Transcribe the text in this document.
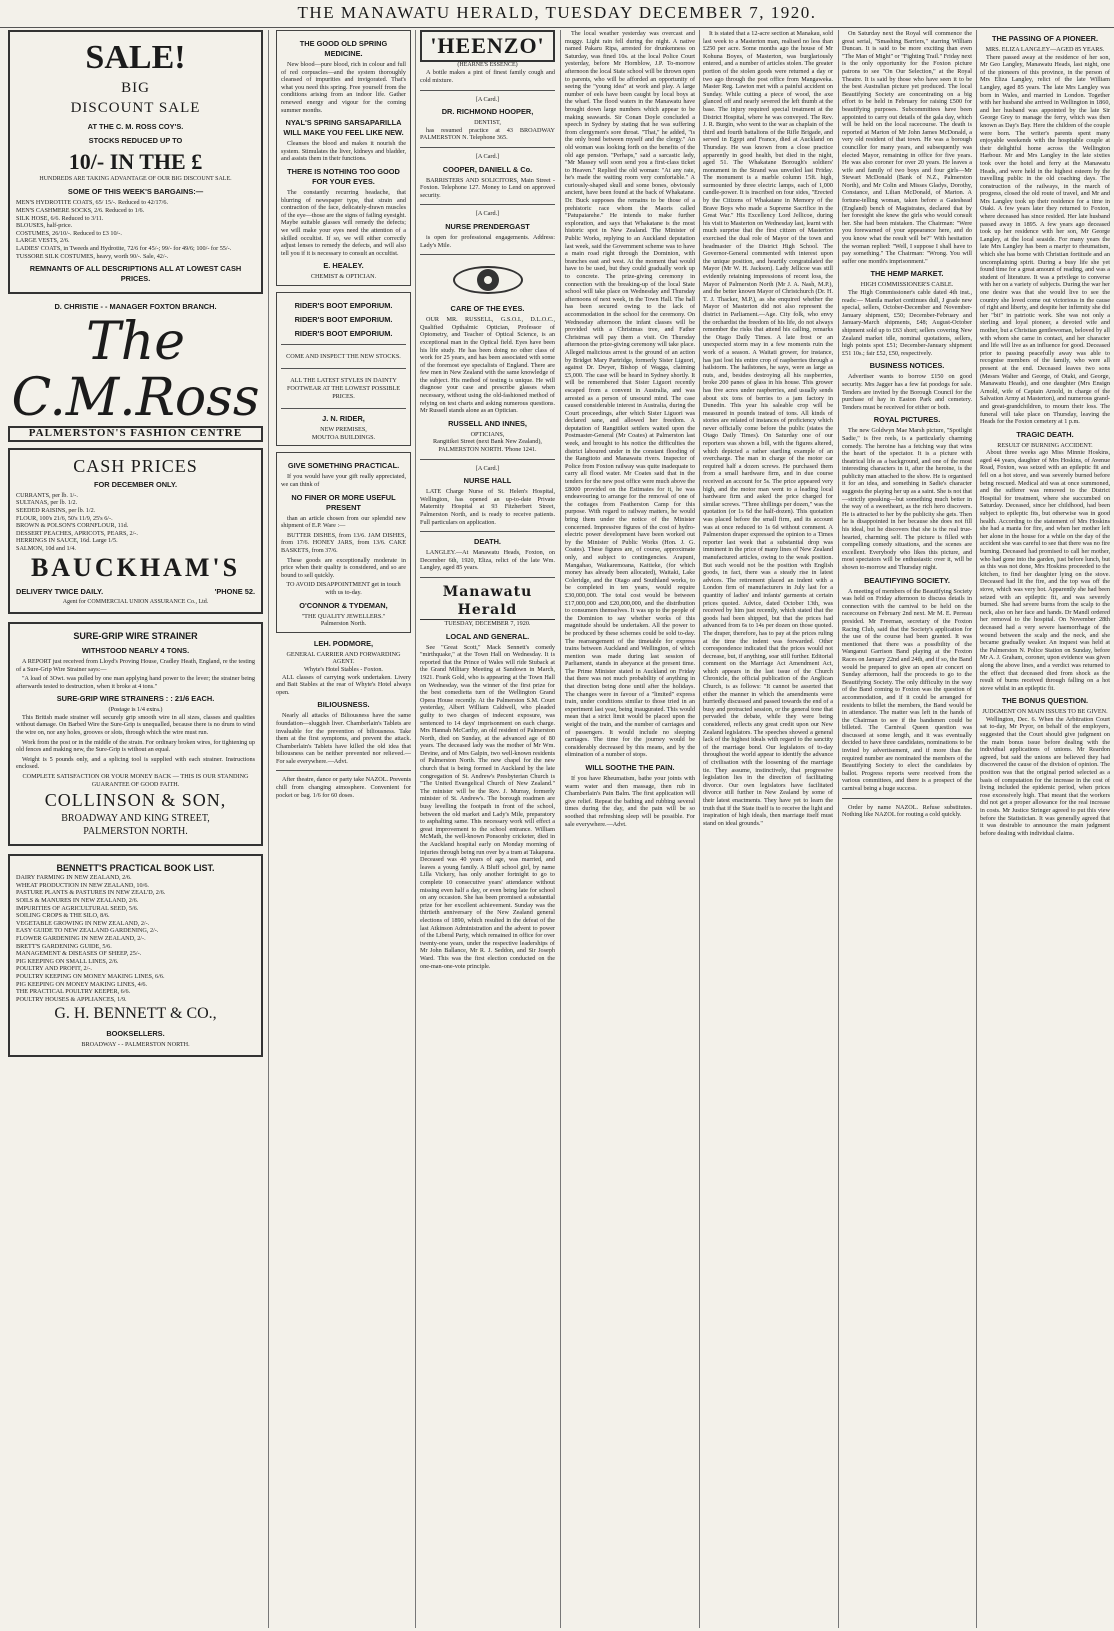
THE MANAWATU HERALD, TUESDAY DECEMBER 7, 1920.
SALE!
BIG
DISCOUNT SALE
AT THE C. M. ROSS COY'S.
STOCKS REDUCED UP TO
10/- IN THE £
HUNDREDS ARE TAKING ADVANTAGE OF OUR BIG DISCOUNT SALE.
SOME OF THIS WEEK'S BARGAINS:—
MEN'S HYDROTITE COATS, 65/ 15/-. Reduced to 42/17/6.
MEN'S CASHMERE SOCKS, 2/6. Reduced to 1/6.
SILK HOSE, 6/6. Reduced to 3/11.
BLOUSES, half-price.
COSTUMES, 26/10/-. Reduced to £3 10/-.
LARGE VESTS, 2/6.
LADIES' COATS, in Tweeds and Hydrotite, 72/6 for 45/-; 99/- for 49/6; 100/- for 55/-.
TUSSORE SILK COSTUMES, heavy, worth 90/-. Sale, 42/-.
REMNANTS OF ALL DESCRIPTIONS ALL AT LOWEST CASH PRICES.
D. CHRISTIE - - MANAGER FOXTON BRANCH.
The C.M.Ross
PALMERSTON'S FASHION CENTRE
CASH PRICES
FOR DECEMBER ONLY.
CURRANTS, per lb. 1/-.
SULTANAS, per lb. 1/2.
SEEDED RAISINS, per lb. 1/2.
FLOUR, 100's 21/6, 50's 11/9, 25's 6/-.
BROWN & POLSON'S CORNFLOUR, 11d.
DESSERT PEACHES, APRICOTS, PEARS, 2/-.
HERRINGS IN SAUCE, 16d. Large 1/5.
SALMON, 10d and 1/4.
BAUCKHAM'S
DELIVERY TWICE DAILY.	'PHONE 52.
Agent for COMMERCIAL UNION ASSURANCE Co., Ltd.
SURE-GRIP WIRE STRAINER
WITHSTOOD NEARLY 4 TONS.
A REPORT just received from Lloyd's Proving House, Cradley Heath, England, re the testing of a Sure-Grip Wire Strainer says:—
"A load of 3Owt. was pulled by one man applying hand power to the lever; the strainer being afterwards tested to destruction, when it broke at 4 tons."
SURE-GRIP WIRE STRAINERS : : 21/6 EACH.
(Postage is 1/4 extra.)
This British made strainer will securely grip smooth wire in all sizes, classes and qualities without damage. On Barbed Wire the Sure-Grip is unequalled, because there is no drum to wind the wire on, nor any holes, grooves or slots, through which the wire must run.
Work from the post or in the middle of the strain. For ordinary broken wires, for tightening up old fences and making new, the Sure-Grip is without an equal.
Weight is 5 pounds only, and a splicing tool is supplied with each strainer. Instructions enclosed.
COMPLETE SATISFACTION OR YOUR MONEY BACK — THIS IS OUR STANDING GUARANTEE OF GOOD FAITH.
COLLINSON & SON,
BROADWAY AND KING STREET,
PALMERSTON NORTH.
BENNETT'S PRACTICAL BOOK LIST.
DAIRY FARMING IN NEW ZEALAND, 2/6.
WHEAT PRODUCTION IN NEW ZEALAND, 10/6.
PASTURE PLANTS & PASTURES IN NEW ZEAL'D, 2/6.
SOILS & MANURES IN NEW ZEALAND, 2/6.
IMPURITIES OF AGRICULTURAL SEED, 5/6.
SOILING CROPS & THE SILO, 8/6.
VEGETABLE GROWING IN NEW ZEALAND, 2/-.
EASY GUIDE TO NEW ZEALAND GARDENING, 2/-.
FLOWER GARDENING IN NEW ZEALAND, 2/-.
BRETT'S GARDENING GUIDE, 5/6.
MANAGEMENT & DISEASES OF SHEEP, 25/-.
PIG KEEPING ON SMALL LINES, 2/6.
POULTRY AND PROFIT, 2/-.
POULTRY KEEPING ON MONEY MAKING LINES, 6/6.
PIG KEEPING ON MONEY MAKING LINES, 4/6.
THE PRACTICAL POULTRY KEEPER, 6/6.
POULTRY HOUSES & APPLIANCES, 1/9.
G. H. BENNETT & CO.,
BOOKSELLERS.
BROADWAY - - PALMERSTON NORTH.
THE GOOD OLD SPRING MEDICINE.
New blood—pure blood, rich in colour and full of red corpuscles—and the system thoroughly cleansed of impurities and invigorated. That's what you need this spring. Free yourself from the conditions arising from an indoor life. Gather renewed energy and vigour for the coming summer months.
NYAL'S SPRING SARSAPARILLA WILL MAKE YOU FEEL LIKE NEW.
Cleanses the blood and makes it nourish the system. Stimulates the liver, kidneys and bladder, and assists them in their functions.
THERE IS NOTHING TOO GOOD FOR YOUR EYES.
The constantly recurring headache, that blurring of newspaper type, that strain and contraction of the face, delicately-drawn muscles of the eye—those are the signs of failing eyesight. Maybe suitable glasses will remedy the defects; we will make your eyes need the attention of a skilled occultist. If so, we will either correctly adjust lenses to remedy the defects, and will also tell you if it is necessary to consult an occultist.
E. HEALEY.
CHEMIST & OPTICIAN.
RIDER'S BOOT EMPORIUM.
RIDER'S BOOT EMPORIUM.
RIDER'S BOOT EMPORIUM.
COME AND INSPECT THE NEW STOCKS.
ALL THE LATEST STYLES IN DAINTY FOOTWEAR AT THE LOWEST POSSIBLE PRICES.
J. N. RIDER,
NEW PREMISES,
MOUTOA BUILDINGS.
GIVE SOMETHING PRACTICAL.
If you would have your gift really appreciated, we can think of
NO FINER OR MORE USEFUL PRESENT
than an article chosen from our splendid new shipment of E.P. Ware :—
BUTTER DISHES, from 13/6. JAM DISHES, from 17/6. HONEY JARS, from 13/6. CAKE BASKETS, from 37/6.
These goods are exceptionally moderate in price when their quality is considered, and so are bound to sell quickly.
TO AVOID DISAPPOINTMENT get in touch with us to-day.
O'CONNOR & TYDEMAN,
"THE QUALITY JEWELLERS."
Palmerston North.
LEH. PODMORE,
GENERAL CARRIER AND FORWARDING AGENT.
Whyte's Hotel Stables - Foxton.
ALL classes of carrying work undertaken. Livery and Bait Stables at the rear of Whyte's Hotel always open.
BILIOUSNESS.
Nearly all attacks of Biliousness have the same foundation—sluggish liver. Chamberlain's Tablets are invaluable for the prevention of biliousness. Take them at the first symptoms, and prevent the attack. Chamberlain's Tablets have killed the old idea that biliousness can be neither prevented nor relieved.—For sale everywhere.—Advt.
After theatre, dance or party take NAZOL. Prevents chill from changing atmosphere. Convenient for pocket or bag. 1/6 for 60 doses.
'HEENZO'
(HEARNE'S ESSENCE)
A bottle makes a pint of finest family cough and cold mixture.
[A Card.]
DR. RICHMOND HOOPER,
DENTIST,
has resumed practice at 43 BROADWAY PALMERSTON N. Telephone 365.
[A Card.]
COOPER, DANIELL & Co.
BARRISTERS AND SOLICITORS, Main Street - Foxton. Telephone 127. Money to Lend on approved security.
[A Card.]
NURSE PRENDERGAST
is open for professional engagements. Address: Lady's Mile.
CARE OF THE EYES.
OUR MR. RUSSELL, G.S.O.I., D.L.O.C., Qualified Opthalmic Optician, Professor of Optometry, and Teacher of Optical Science, is an exceptional man in the Optical field. Eyes have been his life study. He has been doing no other class of work for 25 years, and has been associated with some of the foremost eye specialists of England. There are few men in New Zealand with the same knowledge of the subject. His method of testing is unique. He will diagnose your case and prescribe glasses when necessary, without using the old-fashioned method of relying on test charts and asking numerous questions. Mr Russell stands alone as an Optician.
RUSSELL AND INNES,
OPTICIANS,
Rangitikei Street (next Bank New Zealand), PALMERSTON NORTH. 'Phone 1241.
[A Card.]
NURSE HALL
LATE Charge Nurse of St. Helen's Hospital, Wellington, has opened an up-to-date Private Maternity Hospital at 93 Fitzherbert Street, Palmerston North, and is ready to receive patients. Full particulars on application.
DEATH.
LANGLEY.—At Manawatu Heads, Foxton, on December 6th, 1920, Eliza, relict of the late Wm. Langley, aged 85 years.
Manawatu Herald
TUESDAY, DECEMBER 7, 1920.
LOCAL AND GENERAL.
See "Great Scott," Mack Sennett's comedy "mirthquake," at the Town Hall on Wednesday. It is reported that the Prince of Wales will ride Stuback at the Grand Military Meeting at Sandown in March, 1921. Frank Gold, who is appearing at the Town Hall on Wednesday, was the winner of the first prize for the best comedietta turn of the Wellington Grand Opera House recently. At the Palmerston S.M. Court yesterday, Albert William Caldwell, who pleaded guilty to two charges of indecent exposure, was sentenced to 14 days' imprisonment on each charge. Mrs Hannah McCarthy, an old resident of Palmerston North, died on Sunday, at the advanced age of 80 years. The deceased lady was the mother of Mr Wm. Devine, and of Mrs Galpin, two well-known residents of Palmerston North. The new chapel for the new church that is being formed in Auckland by the late congregation of St. Andrew's Presbyterian Church is "The United Evangelical Church of New Zealand." The minister will be the Rev. J. Murray, formerly minister of St. Andrew's. The borough roadmen are busy levelling the footpath in front of the school, between the old market and Lady's Mile, preparatory to asphalting same. This necessary work will effect a great improvement to the school entrance. William McMath, the well-known Ponsonby cricketer, died in the Auckland hospital early on Monday morning of injuries through being run over by a tram at Takapuna. Deceased was 40 years of age, was married, and leaves a young family. A Bluff school girl, by name Lilla Vickery, has only another fortnight to go to complete 10 consecutive years' attendance without missing even half a day, or even being late for school on any occasion. She has been promised a substantial prize for her excellent achievement. Sunday was the thirtieth anniversary of the New Zealand general elections of 1890, which resulted in the defeat of the last Atkinson Administration and the advent to power of the Liberal Party, which remained in office for over twenty-one years, under the respective leaderships of Mr John Ballance, Mr R. J. Seddon, and Sir Joseph Ward. This was the first election conducted on the one-man-one-vote principle.
The local weather yesterday was overcast and muggy. Light rain fell during the night. A native named Pakaru Ripa, arrested for drunkenness on Saturday, was fined 10s. at the local Police Court yesterday, before Mr Hornblow, J.P. To-morrow afternoon the local State school will be thrown open to parents, who will be afforded an opportunity of seeing the "young idea" at work and play. A large number of eels have been caught by local boys at the wharf. The flood waters in the Manawatu have brought down large numbers which appear to be making seawards. Sir Conan Doyle concluded a speech in Sydney by stating that he was suffering from clergymen's sore throat. "That," he added, "is the only bond between myself and the clergy." An old woman was looking forth on the benefits of the old age pension. "Perhaps," said a sarcastic lady, "Mr Massey will soon send you a first-class ticket to Heaven." Replied the old woman: "At any rate, he's made the waiting room very comfortable." A curiously-shaped skull and some bones, obviously ancient, have been found at the back of Whakatane. Dr. Buck supposes the remains to be those of a prehistoric race whom the Maoris called "Patupaiarehe." He intends to make further exploration, and says that Whakatane is the most historic spot in New Zealand. The Minister of Public Works, replying to an Auckland deputation last week, said the Government scheme was to have a main road right through the Dominion, with branches east and west. At the moment that would have to be used, but they could gradually work up to concrete. The prize-giving ceremony in connection with the breaking-up of the local State school will take place on Wednesday and Thursday afternoons of next week, in the Town Hall. The hall has been secured owing to the lack of accommodation in the school for the ceremony. On Wednesday afternoon the infant classes will be provided with a Christmas tree, and Father Christmas will pay them a visit. On Thursday afternoon the prize-giving ceremony will take place. Alleged malicious arrest is the ground of an action by Bridget Mary Partridge, formerly Sister Liguori, against Dr. Dwyer, Bishop of Wagga, claiming £5,000. The case will be heard in Sydney shortly. It will be remembered that Sister Liguori recently escaped from a convent in Australia, and was arrested as a person of unsound mind. The case caused considerable interest in Australia, during the Court proceedings, after which Sister Liguori was declared sane, and allowed her freedom. A deputation of Rangitikei settlers waited upon the Postmaster-General (Mr Coates) at Palmerston last week, and brought to his notice the difficulties the district laboured under in the constant flooding of the Rangitoto and Manawatu rivers. Inspector of Police from Foxton railway was quite inadequate to carry all flood water. Mr Coates said that in the tenders for the new post office were much above the £8000 provided on the Estimates for it, he was endeavouring to arrange for the removal of one of the cottages from Featherston Camp for this purpose. With regard to railway matters, he would bring them under the notice of the Minister concerned. Impressive figures of the cost of hydro-electric power development have been worked out by the Minister of Public Works (Hon. J. G. Coates). These figures are, of course, approximate only, and subject to contingencies. Arapuni, Mangahao, Waikaremoana, Kaitieke, (for which money has already been allocated), Waitaki, Lake Coleridge, and the Otago and Southland works, to be completed in ten years, would require £30,000,000. The total cost would be between £17,000,000 and £20,000,000, and the distribution to consumers themselves. It was up to the people of the Dominion to say whether works of this magnitude should be undertaken. All the power to be produced by these schemes could be sold to-day. The rearrangement of the timetable for express trains between Auckland and Wellington, of which mention was made during last session of Parliament, stands in abeyance at the present time. The Prime Minister stated in Auckland on Friday that there was not much probability of anything in that direction being done until after the holidays. The changes were in favour of a "limited" express train, under conditions similar to those tried in an experiment last year, being inaugurated. This would mean that a strict limit would be placed upon the weight of the train, and the number of carriages and of passengers. It would include no sleeping carriages. The time for the journey would be considerably decreased by this means, and by the elimination of a number of stops.
WILL SOOTHE THE PAIN.
If you have Rheumatism, bathe your joints with warm water and then massage, then rub in Chamberlain's Pain Balm. The first application will give relief. Repeat the bathing and rubbing several times during the day, and the pain will be so soothed that refreshing sleep will be possible. For sale everywhere.—Advt.
It is stated that a 12-acre section at Manakau, sold last week to a Masterton man, realised no less than £250 per acre. Some months ago the house of Mr Kohuna Boyes, of Masterton, was burglariously entered, and a number of articles stolen. The greater portion of the stolen goods were returned a day or two ago through the post office from Mangaweka. Master Reg. Lawton met with a painful accident on Sunday. While cutting a piece of wood, the axe glanced off and nearly severed the left thumb at the base. The injury required special treatment at the District Hospital, where he was conveyed. The Rev. J. R. Burgin, who went to the war as chaplain of the third and fourth battalions of the Rifle Brigade, and served in Egypt and France, died at Auckland on Thursday. He was known from a close practice apparently in good health, but died in the night, aged 51. The Whakatane Borough's soldiers' monument in the Strand was unveiled last Friday. The monument is a marble column 15ft. high, surmounted by three electric lamps, each of 1,000 candle-power. It is inscribed on four sides, "Erected by the Citizens of Whakatane in Memory of the Brave Boys who made a Supreme Sacrifice in the Great War." His Excellency Lord Jellicoe, during his visit to Masterton on Wednesday last, learnt with much surprise that the first citizen of Masterton exercised the dual role of Mayor of the town and headmaster of the District High School. The Governor-General commented with interest upon the unique position, and heartily congratulated the Mayor (Mr W. H. Jackson). Lady Jellicoe was still evidently retaining impressions of recent loss, the Mayor of Palmerston North (Mr J. A. Nash, M.P.), and the better known Mayor of Christchurch (Dr. H. T. J. Thacker, M.P.), as she enquired whether the Mayor of Masterton did not also represent the district in Parliament.—Age. City folk, who envy the orchardist the freedom of his life, do not always remember the risks that attend his calling, remarks the Otago Daily Times. A late frost or an unexpected storm may in a few moments ruin the work of a season. A Waitati grower, for instance, has just lost his entire crop of raspberries through a hailstorm. The hailstones, he says, were as large as nuts, and, besides destroying all his raspberries, broke 200 panes of glass in his house. This grower has five acres under raspberries, and usually sends about six tons of berries to a jam factory in Dunedin. This year his saleable crop will be measured in pounds instead of tons. All kinds of stories are related of instances of proficiency which never officially come before the public (states the Otago Daily Times). On Saturday one of our reporters was shown a bill, with the figures altered, which depicted a rather startling example of an overcharge. The man in charge of the motor car required half a dozen screws. He purchased them from a small hardware firm, and in due course received an account for 5s. The price appeared very high, and the motor man went to a leading local hardware firm and asked the price charged for similar screws. "Three shillings per dozen," was the quotation (or 1s 6d the half-dozen). This quotation was placed before the small firm, and its account was at once reduced to 1s 6d without comment. A Palmerston draper expressed the opinion to a Times reporter last week that a substantial drop was imminent in the price of many lines of New Zealand manufactured articles, owing to the weak position. But such would not be the position with English goods, in fact, there was a steady rise in latest advices. The retirement placed an indent with a London firm of manufacturers in July last for a quantity of ladies' and infants' garments at certain prices quoted. Advice, dated October 13th, was received by him just recently, which stated that the goods had been shipped, but that the prices had advanced from 6s to 14s per dozen on those quoted. The draper, therefore, has to pay at the prices ruling at the time the indent was forwarded. Other correspondence indicated that the prices would not decrease, but, if anything, soar still further. Editorial comment on the Marriage Act Amendment Act, which appears in the last issue of the Church Chronicle, the official publication of the Anglican Church, is as follows: "It cannot be asserted that either the manner in which the amendments were hurriedly discussed and passed towards the end of a busy and protracted session, or the general tone that pervaded the debate, while they were being considered, reflects any great credit upon our New Zealand legislators. The speeches showed a general lack of the highest ideals with regard to the sanctity of the marriage bond. Our legislators of to-day throughout the world appear to identify the advance of civilisation with the loosening of the marriage tie. They assume, instinctively, that progressive legislation lies in the direction of facilitating divorce. Our own legislators have facilitated divorce still further in New Zealand by some of their latest enactments. They have yet to learn the truth that if the State itself is to receive the light and inspiration of high ideals, then marriage itself must stand on ideal grounds."
On Saturday next the Royal will commence the great serial, "Smashing Barriers," starring William Duncan. It is said to be more exciting than even "The Man of Might" or "Fighting Trail." Friday next is the only opportunity for the Foxton picture patrons to see "On Our Selection," at the Royal Theatre. It is said by those who have seen it to be the best Australian picture yet produced. The local Beautifying Society are concentrating on a big effort to be held in February for raising £500 for beautifying purposes. Subcommittees have been appointed to carry out details of the gala day, which will be held on the local racecourse. The death is reported at Marton of Mr John James McDonald, a very old resident of that town. He was a borough councillor for many years, and subsequently was elected Mayor, remaining in office for five years. He was also coroner for over 20 years. He leaves a wife and family of two boys and four girls—Mr Stewart McDonald (Bank of N.Z., Palmerston North), and Mr Colin and Misses Gladys, Dorothy, Constance, and Lilian McDonald, of Marton. A fortune-telling woman, taken before a Gateshead (England) bench of Magistrates, declared that by her foresight she knew the girls who would consult her. She had been mistaken. The Chairman: "Were you forewarned of your appearance here, and do you know what the result will be?" With hesitation the woman replied: "Well, I suppose I shall have to pay something." The Chairman: "Wrong. You will suffer one month's imprisonment."
THE HEMP MARKET.
HIGH COMMISSIONER'S CABLE.
The High Commissioner's cable dated 4th inst., reads:— Manila market continues dull, J grade new special, sellers, October-December and November-January shipment, £50; December-February and January-March shipments, £48; August-October shipment sold up to £63 short; sellers covering New Zealand market idle, nominal quotations, sellers, high points spot £51; December-January shipment £51 10s.; fair £52, £50, respectively.
BUSINESS NOTICES.
Advertiser wants to borrow £150 on good security. Mrs Jagger has a few fat poodogs for sale. Tenders are invited by the Borough Council for the purchase of hay in Easton Park and cemetery. Tenders must be received for either or both.
ROYAL PICTURES.
The new Goldwyn Mae Marsh picture, "Spotlight Sadie," is five reels, is a particularly charming comedy. The heroine has a fetching way that wins the heart of the spectator. It is a picture with theatrical life as a background, and one of the most interesting characters in it, after the heroine, is the publicity man attached to the show. He is organised it for an idea, and something in Sadie's character suggests the playing her up as a saint. She is not that—strictly speaking—but something much better in the way of a sweetheart, as the rich hero discovers. He is attracted to her by the publicity she gets. Then he is disappointed in her because she does not fill his ideal, but he discovers that she is the real true-hearted, charming self. The picture is filled with compelling comedy situations, and the scenes are excellent. Everybody who likes this picture, and most spectators will be enthusiastic over it, will be shown to-morrow and Thursday night.
BEAUTIFYING SOCIETY.
A meeting of members of the Beautifying Society was held on Friday afternoon to discuss details in connection with the carnival to be held on the racecourse on February 2nd next. Mr M. E. Perreau presided. Mr Freeman, secretary of the Foxton Racing Club, said that the Society's application for the use of the course had been granted. It was mentioned that there was a possibility of the Wanganui Garrison Band playing at the Foxton Races on January 22nd and 24th, and if so, the Band would be prepared to give an open air concert on Sunday afternoon, half the proceeds to go to the Beautifying Society. The only difficulty in the way of the Band coming to Foxton was the question of accommodation, and if it could be arranged for residents to billet the members, the Band would be in attendance. The matter was left in the hands of the Chairman to see if the bandsmen could be billeted. The Carnival Queen question was discussed at some length, and it was eventually decided to have three candidates, nominations to be invited by advertisement, and if more than the required number are nominated the members of the Beautifying Society to elect the candidates by ballot. Progress reports were received from the various committees, and there is a prospect of the carnival being a huge success.
Order by name NAZOL. Refuse substitutes. Nothing like NAZOL for routing a cold quickly.
THE PASSING OF A PIONEER.
MRS. ELIZA LANGLEY—AGED 85 YEARS.
There passed away at the residence of her son, Mr Geo Langley, Manawatu Heads, last night, one of the pioneers of this province, in the person of Mrs Eliza Langley, relict of the late William Langley, aged 85 years. The late Mrs Langley was born in Wales, and married in London. Together with her husband she arrived in Wellington in 1860, and her husband was appointed by the late Sir George Grey to manage the ferry, which was then known as Day's Bay. Here the children of the couple were born. The writer's parents spent many enjoyable weekends with the hospitable couple at their delightful home across the Wellington Harbour. Mr and Mrs Langley in the late sixties took over the hotel and ferry at the Manawatu Heads, and were held in the highest esteem by the travelling public in the old coaching days. The construction of the railways, in the march of progress, closed the old route of travel, and Mr and Mrs Langley took up their residence for a time in Otaki. A few years later they returned to Foxton, where deceased has since resided. Her late husband passed away in 1895. A few years ago deceased took up her residence with her son, Mr George Langley, at the local seaside. For many years the late Mrs Langley has been a martyr to rheumatism, which she has borne with Christian fortitude and an uncomplaining spirit. During a busy life she yet found time for a great amount of reading, and was a student of literature. It was a privilege to converse with her on a variety of subjects. During the war her one desire was that she would live to see the country she loved come out victorious in the cause of right and liberty, and despite her infirmity she did her "bit" in patriotic work. She was not only a sterling and loyal pioneer, a devoted wife and mother, but a Christian gentlewoman, beloved by all with whom she came in contact, and her character and life will live as an influence for good. Deceased prior to passing peacefully away was able to recognise members of the family, who were all present at the end. Deceased leaves two sons (Messrs Walter and George, of Otaki, and George, Manawatu Heads), and one daughter (Mrs Ensign Arnold, wife of Captain Arnold, in charge of the Salvation Army at Masterton), and numerous grand- and great-grandchildren, to mourn their loss. The funeral will take place on Thursday, leaving the Heads for the Foxton cemetery at 1 p.m.
TRAGIC DEATH.
RESULT OF BURNING ACCIDENT.
About three weeks ago Miss Minnie Hoskins, aged 44 years, daughter of Mrs Hoskins, of Avenue Road, Foxton, was seized with an epileptic fit and fell on a hot stove, and was severely burned before being rescued. Medical aid was at once summoned, and the sufferer was removed to the District Hospital for treatment, where she succumbed on Saturday. Deceased, since her childhood, had been subject to epileptic fits, but otherwise was in good health. According to the statement of Mrs Hoskins she had a mania for fire, and when her mother left her alone in the house for a while on the day of the accident she was careful to see that there was no fire burning. Deceased had promised to call her mother, who had gone into the garden, just before lunch, but as this was not done, Mrs Hoskins proceeded to the kitchen, to find her daughter lying on the stove. Deceased had lit the fire, and the top was off the stove, which was very hot. Apparently she had been seized with an epileptic fit, and was severely burned. She had severe burns from the scalp to the neck, also on her face and hands. Dr Mandl ordered her removal to the hospital. On November 28th deceased had a very severe haemorrhage of the wound between the scalp and the neck, and she became gradually weaker. An inquest was held at the Palmerston N. Police Station on Sunday, before Mr A. J. Graham, coroner, upon evidence was given along the above lines, and a verdict was returned to the effect that deceased died from shock as the result of burns received through falling on a hot stove whilst in an epileptic fit.
THE BONUS QUESTION.
JUDGMENT ON MAIN ISSUES TO BE GIVEN.
Wellington, Dec. 6. When the Arbitration Court sat to-day, Mr Pryor, on behalf of the employers, suggested that the Court should give judgment on the main bonus issue before dealing with the individual applications of unions. Mr Reardon agreed, but said the unions are believed they had discovered the cause of the division of opinion. The position was that the original period selected as a basis of computation for the increase in the cost of living included the epidemic period, when prices rose excessively high. That meant that the workers did not get a proper allowance for the real increase in costs. Mr Justice Stringer agreed to put this view before the Statistician. It was generally agreed that it was desirable to announce the main judgment before dealing with individual claims.
